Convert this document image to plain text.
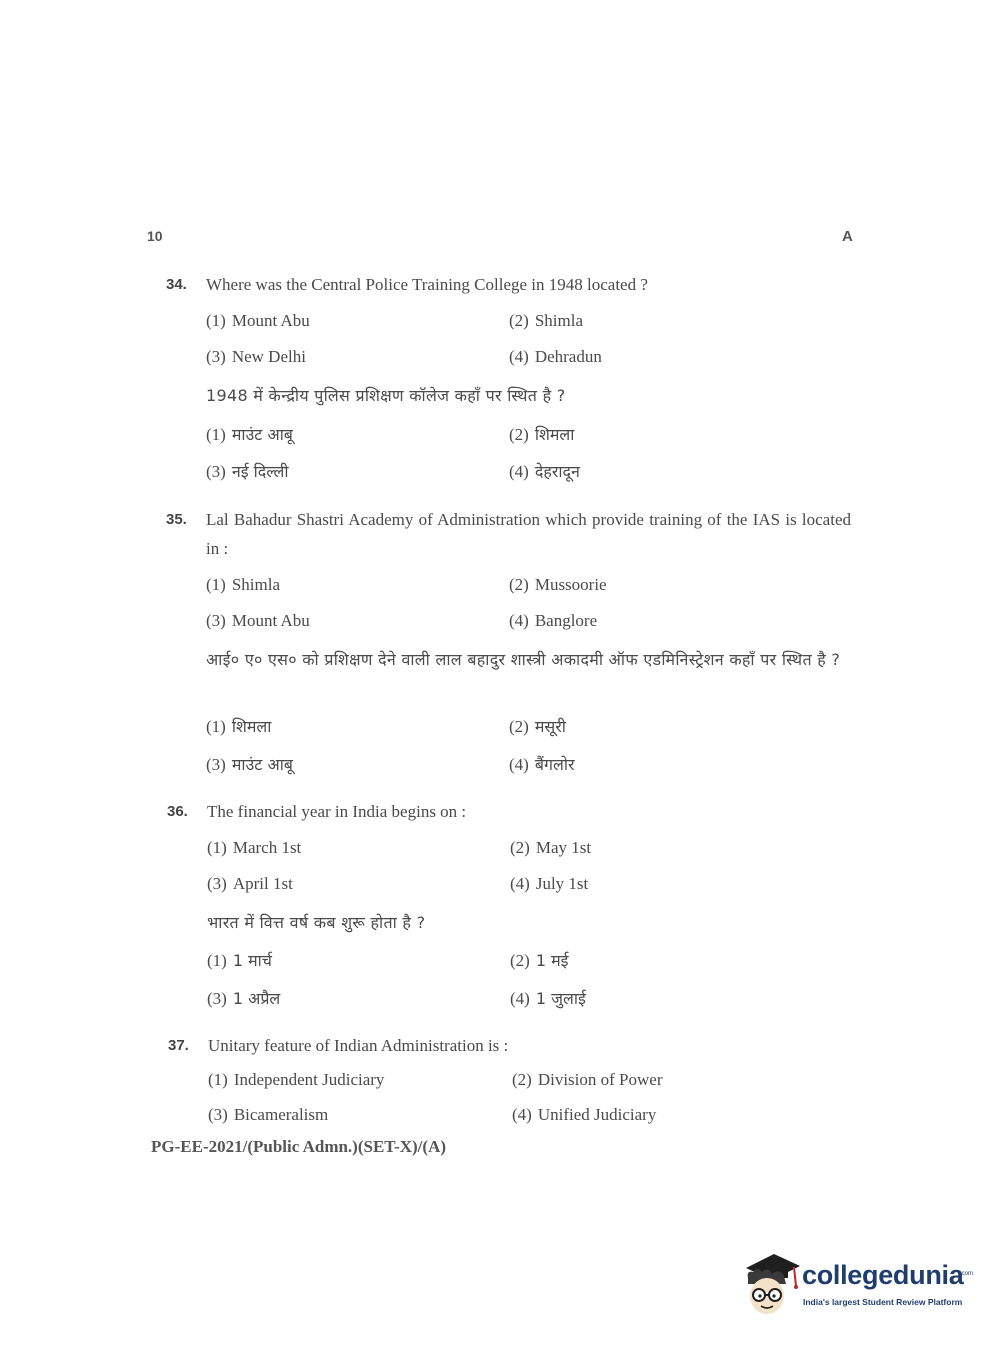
10	A
34. Where was the Central Police Training College in 1948 located ?
(1) Mount Abu	(2) Shimla
(3) New Delhi	(4) Dehradun
1948 में केन्द्रीय पुलिस प्रशिक्षण कॉलेज कहाँ पर स्थित है ?
(1) माउंट आबू	(2) शिमला
(3) नई दिल्ली	(4) देहरादून
35. Lal Bahadur Shastri Academy of Administration which provide training of the IAS is located in :
(1) Shimla	(2) Mussoorie
(3) Mount Abu	(4) Banglore
आई० ए० एस० को प्रशिक्षण देने वाली लाल बहादुर शास्त्री अकादमी ऑफ एडमिनिस्ट्रेशन कहाँ पर स्थित है ?
(1) शिमला	(2) मसूरी
(3) माउंट आबू	(4) बैंगलोर
36. The financial year in India begins on :
(1) March 1st	(2) May 1st
(3) April 1st	(4) July 1st
भारत में वित्त वर्ष कब शुरू होता है ?
(1) 1 मार्च	(2) 1 मई
(3) 1 अप्रैल	(4) 1 जुलाई
37. Unitary feature of Indian Administration is :
(1) Independent Judiciary	(2) Division of Power
(3) Bicameralism	(4) Unified Judiciary
PG-EE-2021/(Public Admn.)(SET-X)/(A)
collegedunia
.com
India's largest Student Review Platform
